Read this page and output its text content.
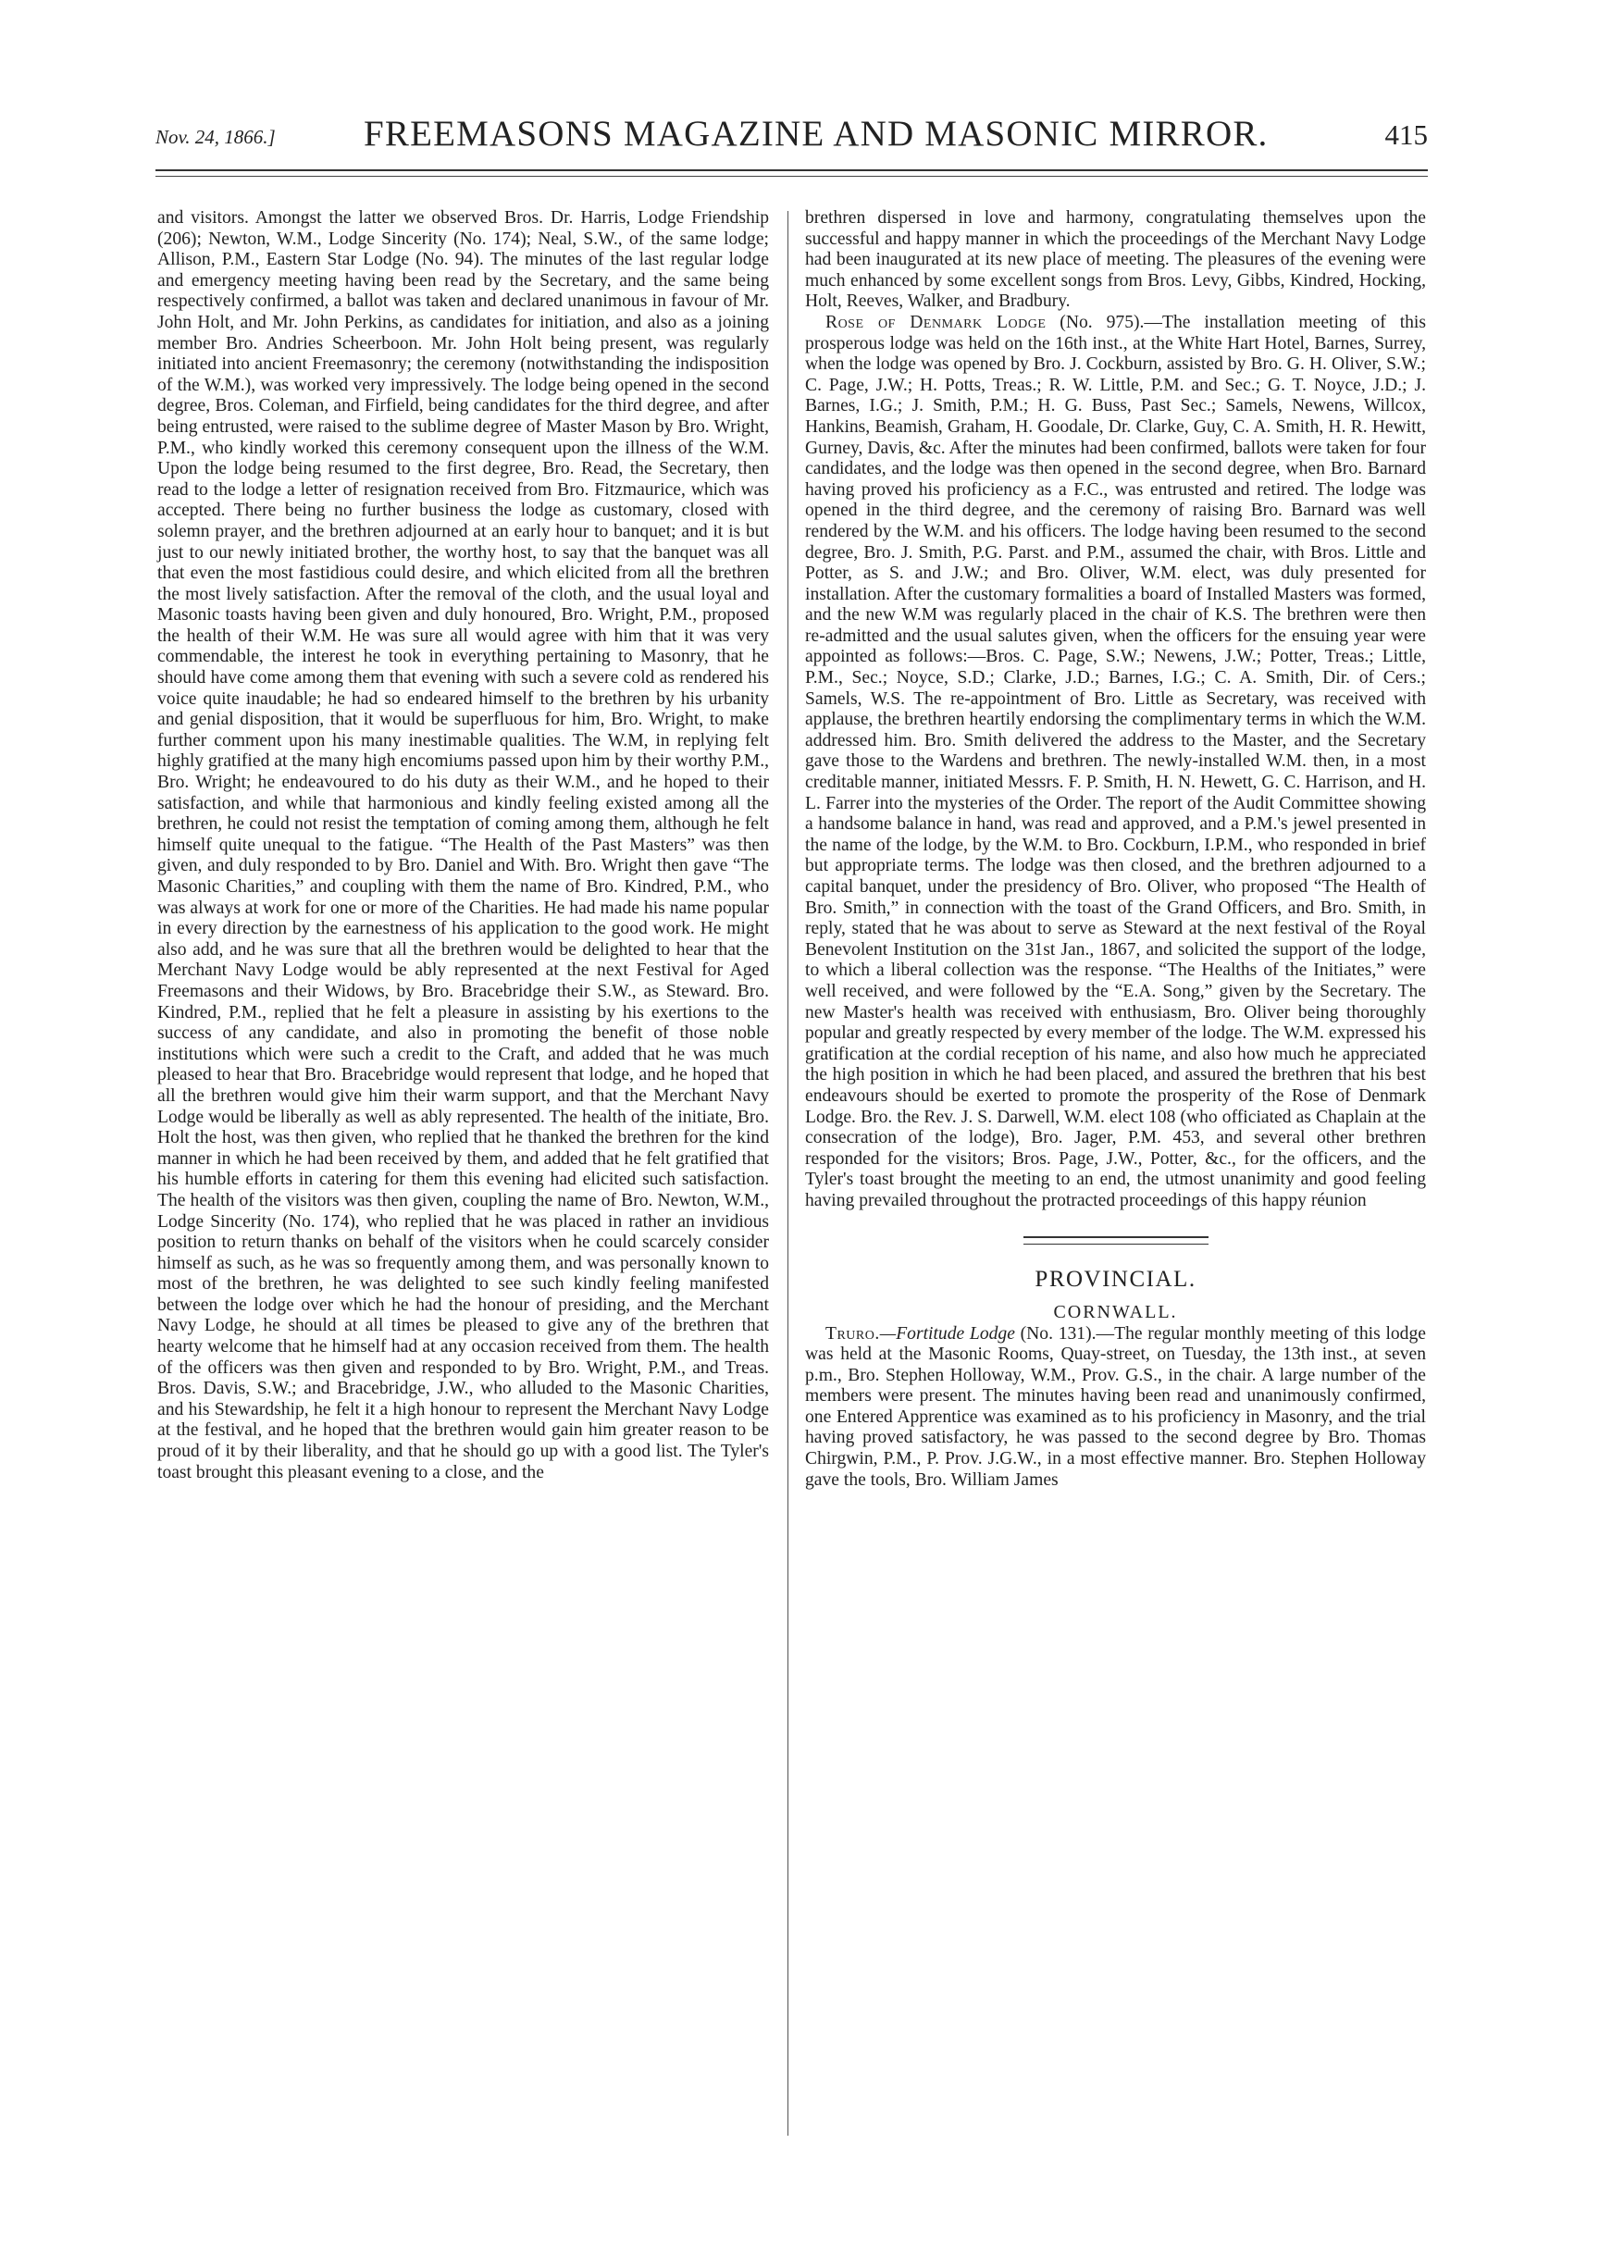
Nov. 24, 1866.] FREEMASONS MAGAZINE AND MASONIC MIRROR.	415

and visitors. Amongst the latter we observed Bros. Dr. Harris, Lodge Friendship (206); Newton, W.M., Lodge Sincerity (No. 174); Neal, S.W., of the same lodge; Allison, P.M., Eastern Star Lodge (No. 94). The minutes of the last regular lodge and emergency meeting having been read by the Secretary, and the same being respectively confirmed, a ballot was taken and declared unanimous in favour of Mr. John Holt, and Mr. John Perkins, as candidates for initiation, and also as a joining member Bro. Andries Scheerboon. Mr. John Holt being present, was regularly initiated into ancient Freemasonry; the ceremony (notwithstanding the indisposition of the W.M.), was worked very impressively. The lodge being opened in the second degree, Bros. Coleman, and Firfield, being candidates for the third degree, and after being entrusted, were raised to the sublime degree of Master Mason by Bro. Wright, P.M., who kindly worked this ceremony consequent upon the illness of the W.M. Upon the lodge being resumed to the first degree, Bro. Read, the Secretary, then read to the lodge a letter of resignation received from Bro. Fitzmaurice, which was accepted. There being no further business the lodge as customary, closed with solemn prayer, and the brethren adjourned at an early hour to banquet; and it is but just to our newly initiated brother, the worthy host, to say that the banquet was all that even the most fastidious could desire, and which elicited from all the brethren the most lively satisfaction. After the removal of the cloth, and the usual loyal and Masonic toasts having been given and duly honoured, Bro. Wright, P.M., proposed the health of their W.M. He was sure all would agree with him that it was very commendable, the interest he took in everything pertaining to Masonry, that he should have come among them that evening with such a severe cold as rendered his voice quite inaudable; he had so endeared himself to the brethren by his urbanity and genial disposition, that it would be superfluous for him, Bro. Wright, to make further comment upon his many inestimable qualities. The W.M, in replying felt highly gratified at the many high encomiums passed upon him by their worthy P.M., Bro. Wright; he endeavoured to do his duty as their W.M., and he hoped to their satisfaction, and while that harmonious and kindly feeling existed among all the brethren, he could not resist the temptation of coming among them, although he felt himself quite unequal to the fatigue. “The Health of the Past Masters” was then given, and duly responded to by Bro. Daniel and With. Bro. Wright then gave “The Masonic Charities,” and coupling with them the name of Bro. Kindred, P.M., who was always at work for one or more of the Charities. He had made his name popular in every direction by the earnestness of his application to the good work. He might also add, and he was sure that all the brethren would be delighted to hear that the Merchant Navy Lodge would be ably represented at the next Festival for Aged Freemasons and their Widows, by Bro. Bracebridge their S.W., as Steward. Bro. Kindred, P.M., replied that he felt a pleasure in assisting by his exertions to the success of any candidate, and also in promoting the benefit of those noble institutions which were such a credit to the Craft, and added that he was much pleased to hear that Bro. Bracebridge would represent that lodge, and he hoped that all the brethren would give him their warm support, and that the Merchant Navy Lodge would be liberally as well as ably represented. The health of the initiate, Bro. Holt the host, was then given, who replied that he thanked the brethren for the kind manner in which he had been received by them, and added that he felt gratified that his humble efforts in catering for them this evening had elicited such satisfaction. The health of the visitors was then given, coupling the name of Bro. Newton, W.M., Lodge Sincerity (No. 174), who replied that he was placed in rather an invidious position to return thanks on behalf of the visitors when he could scarcely consider himself as such, as he was so frequently among them, and was personally known to most of the brethren, he was delighted to see such kindly feeling manifested between the lodge over which he had the honour of presiding, and the Merchant Navy Lodge, he should at all times be pleased to give any of the brethren that hearty welcome that he himself had at any occasion received from them. The health of the officers was then given and responded to by Bro. Wright, P.M., and Treas. Bros. Davis, S.W.; and Bracebridge, J.W., who alluded to the Masonic Charities, and his Stewardship, he felt it a high honour to represent the Merchant Navy Lodge at the festival, and he hoped that the brethren would gain him greater reason to be proud of it by their liberality, and that he should go up with a good list. The Tyler's toast brought this pleasant evening to a close, and the

brethren dispersed in love and harmony, congratulating themselves upon the successful and happy manner in which the proceedings of the Merchant Navy Lodge had been inaugurated at its new place of meeting. The pleasures of the evening were much enhanced by some excellent songs from Bros. Levy, Gibbs, Kindred, Hocking, Holt, Reeves, Walker, and Bradbury.

Rose of Denmark Lodge (No. 975).—The installation meeting of this prosperous lodge was held on the 16th inst., at the White Hart Hotel, Barnes, Surrey, when the lodge was opened by Bro. J. Cockburn, assisted by Bro. G. H. Oliver, S.W.; C. Page, J.W.; H. Potts, Treas.; R. W. Little, P.M. and Sec.; G. T. Noyce, J.D.; J. Barnes, I.G.; J. Smith, P.M.; H. G. Buss, Past Sec.; Samels, Newens, Willcox, Hankins, Beamish, Graham, H. Goodale, Dr. Clarke, Guy, C. A. Smith, H. R. Hewitt, Gurney, Davis, &c. After the minutes had been confirmed, ballots were taken for four candidates, and the lodge was then opened in the second degree, when Bro. Barnard having proved his proficiency as a F.C., was entrusted and retired. The lodge was opened in the third degree, and the ceremony of raising Bro. Barnard was well rendered by the W.M. and his officers. The lodge having been resumed to the second degree, Bro. J. Smith, P.G. Parst. and P.M., assumed the chair, with Bros. Little and Potter, as S. and J.W.; and Bro. Oliver, W.M. elect, was duly presented for installation. After the customary formalities a board of Installed Masters was formed, and the new W.M was regularly placed in the chair of K.S. The brethren were then re-admitted and the usual salutes given, when the officers for the ensuing year were appointed as follows:—Bros. C. Page, S.W.; Newens, J.W.; Potter, Treas.; Little, P.M., Sec.; Noyce, S.D.; Clarke, J.D.; Barnes, I.G.; C. A. Smith, Dir. of Cers.; Samels, W.S. The re-appointment of Bro. Little as Secretary, was received with applause, the brethren heartily endorsing the complimentary terms in which the W.M. addressed him. Bro. Smith delivered the address to the Master, and the Secretary gave those to the Wardens and brethren. The newly-installed W.M. then, in a most creditable manner, initiated Messrs. F. P. Smith, H. N. Hewett, G. C. Harrison, and H. L. Farrer into the mysteries of the Order. The report of the Audit Committee showing a handsome balance in hand, was read and approved, and a P.M.'s jewel presented in the name of the lodge, by the W.M. to Bro. Cockburn, I.P.M., who responded in brief but appropriate terms. The lodge was then closed, and the brethren adjourned to a capital banquet, under the presidency of Bro. Oliver, who proposed “The Health of Bro. Smith,” in connection with the toast of the Grand Officers, and Bro. Smith, in reply, stated that he was about to serve as Steward at the next festival of the Royal Benevolent Institution on the 31st Jan., 1867, and solicited the support of the lodge, to which a liberal collection was the response. “The Healths of the Initiates,” were well received, and were followed by the “E.A. Song,” given by the Secretary. The new Master's health was received with enthusiasm, Bro. Oliver being thoroughly popular and greatly respected by every member of the lodge. The W.M. expressed his gratification at the cordial reception of his name, and also how much he appreciated the high position in which he had been placed, and assured the brethren that his best endeavours should be exerted to promote the prosperity of the Rose of Denmark Lodge. Bro. the Rev. J. S. Darwell, W.M. elect 108 (who officiated as Chaplain at the consecration of the lodge), Bro. Jager, P.M. 453, and several other brethren responded for the visitors; Bros. Page, J.W., Potter, &c., for the officers, and the Tyler's toast brought the meeting to an end, the utmost unanimity and good feeling having prevailed throughout the protracted proceedings of this happy réunion

PROVINCIAL.
CORNWALL.

Truro.—Fortitude Lodge (No. 131).—The regular monthly meeting of this lodge was held at the Masonic Rooms, Quay-street, on Tuesday, the 13th inst., at seven p.m., Bro. Stephen Holloway, W.M., Prov. G.S., in the chair. A large number of the members were present. The minutes having been read and unanimously confirmed, one Entered Apprentice was examined as to his proficiency in Masonry, and the trial having proved satisfactory, he was passed to the second degree by Bro. Thomas Chirgwin, P.M., P. Prov. J.G.W., in a most effective manner. Bro. Stephen Holloway gave the tools, Bro. William James
